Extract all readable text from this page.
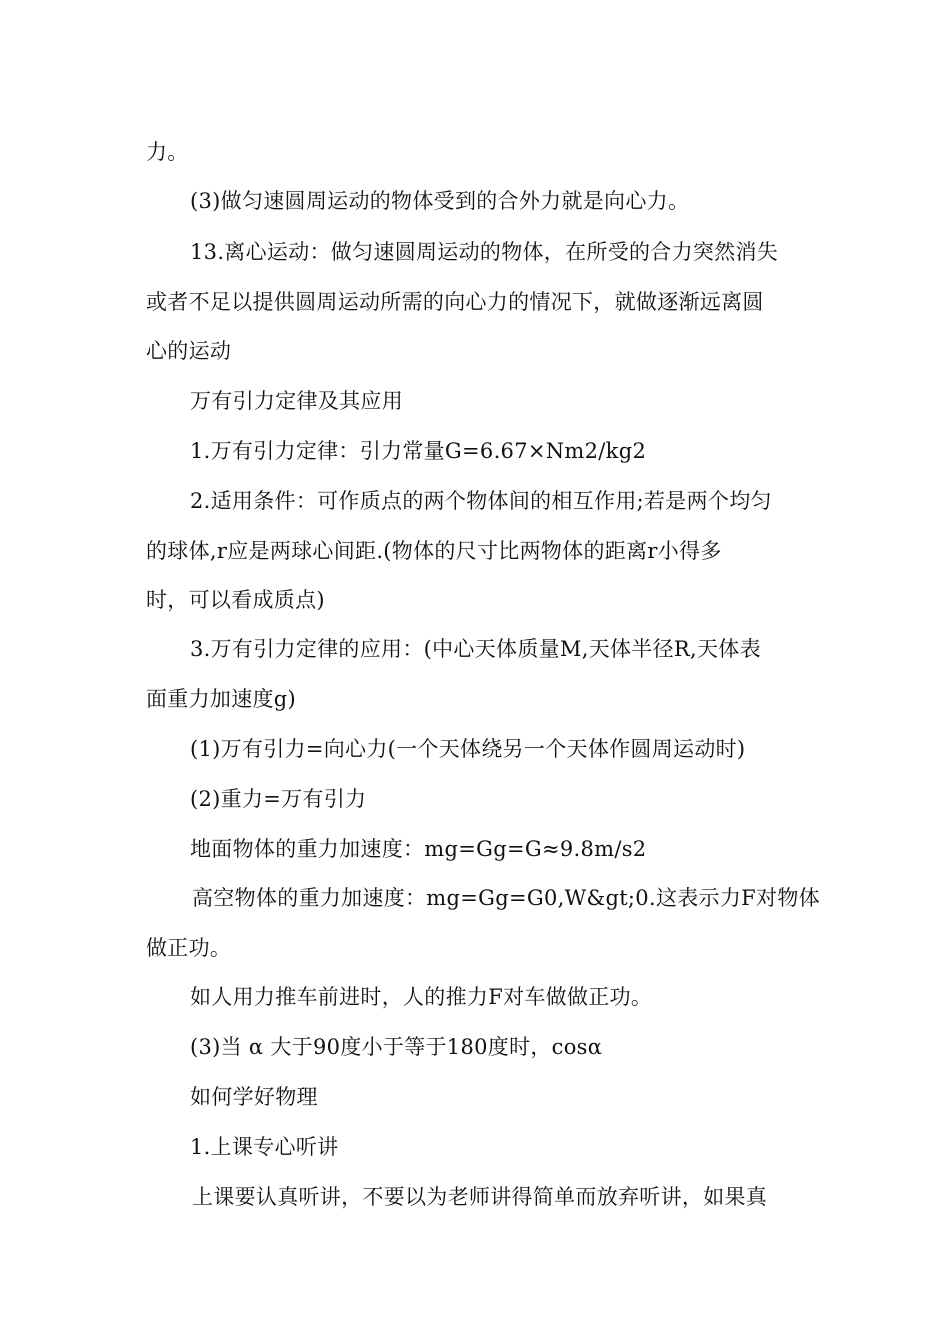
力。
(3)做匀速圆周运动的物体受到的合外力就是向心力。
13.离心运动：做匀速圆周运动的物体，在所受的合力突然消失
或者不足以提供圆周运动所需的向心力的情况下，就做逐渐远离圆
心的运动
万有引力定律及其应用
1.万有引力定律：引力常量G=6.67×Nm2/kg2
2.适用条件：可作质点的两个物体间的相互作用;若是两个均匀
的球体,r应是两球心间距.(物体的尺寸比两物体的距离r小得多
时，可以看成质点)
3.万有引力定律的应用：(中心天体质量M,天体半径R,天体表
面重力加速度g)
(1)万有引力=向心力(一个天体绕另一个天体作圆周运动时)
(2)重力=万有引力
地面物体的重力加速度：mg=Gg=G≈9.8m/s2
高空物体的重力加速度：mg=Gg=G0,W&gt;0.这表示力F对物体
做正功。
如人用力推车前进时，人的推力F对车做做正功。
(3)当 α 大于90度小于等于180度时，cosα
如何学好物理
1.上课专心听讲
上课要认真听讲，不要以为老师讲得简单而放弃听讲，如果真
